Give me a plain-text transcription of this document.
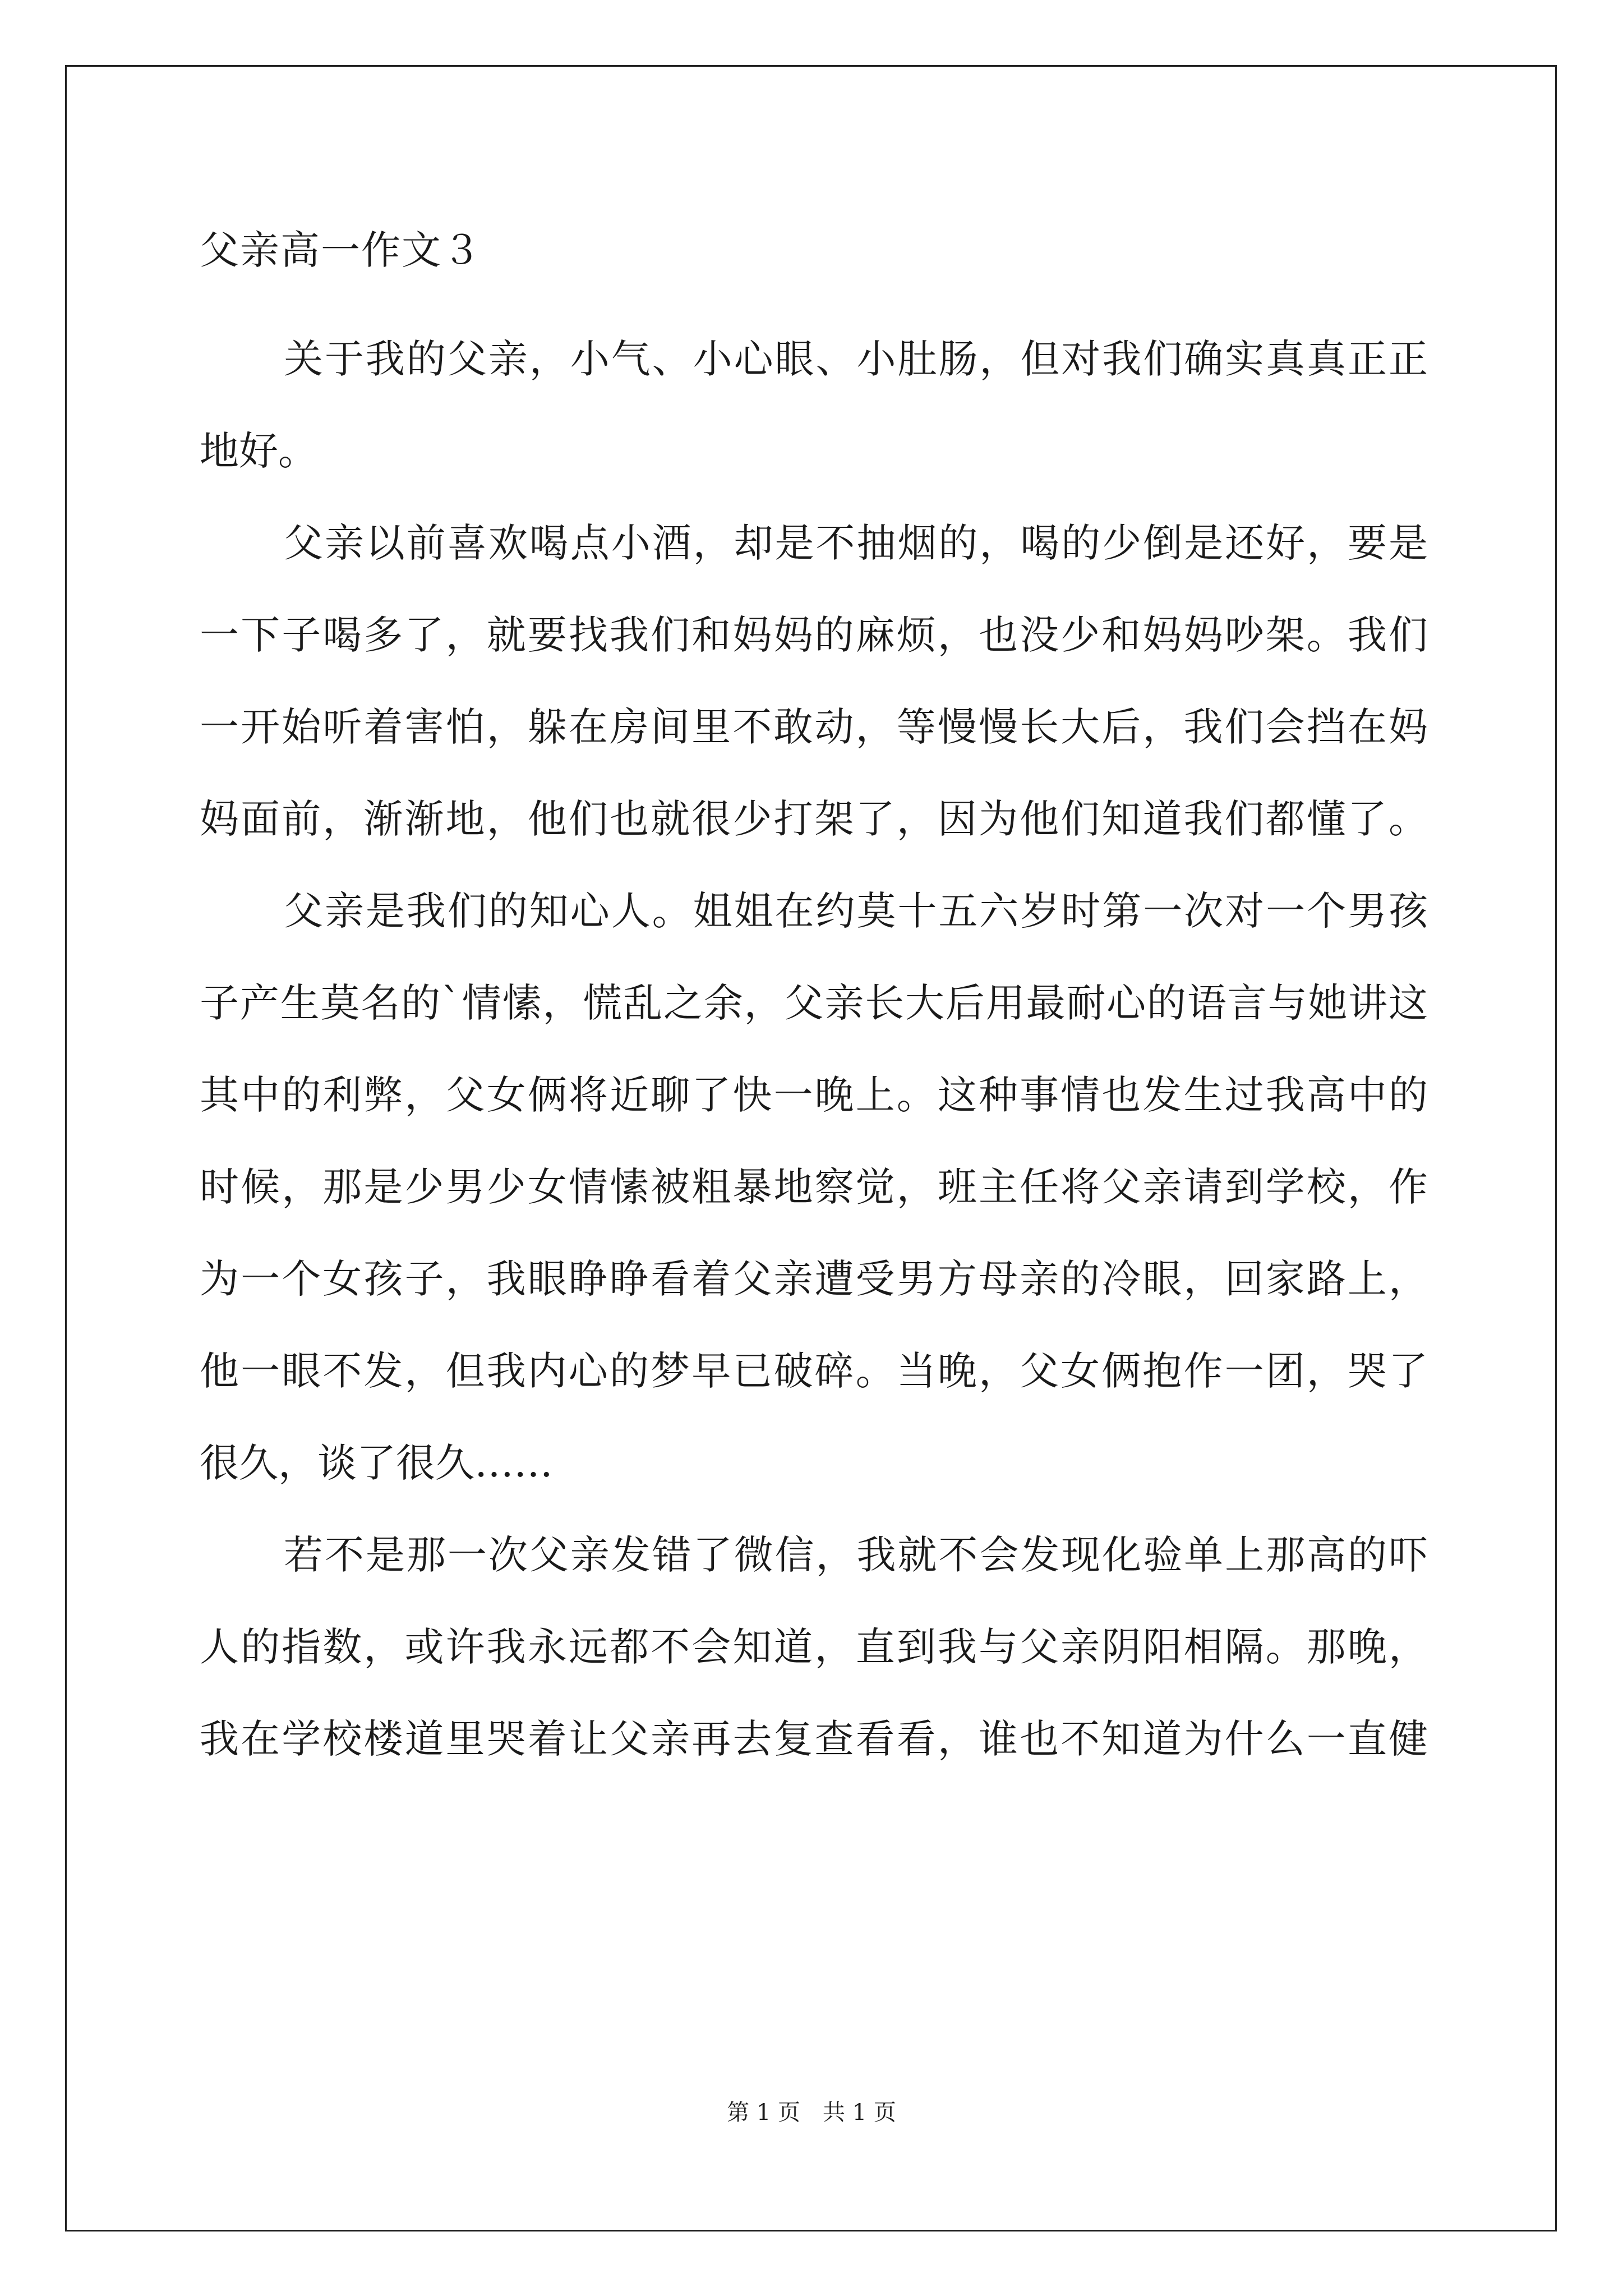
父亲高一作文３

关于我的父亲，小气、小心眼、小肚肠，但对我们确实真真正正

地好。

父亲以前喜欢喝点小酒，却是不抽烟的，喝的少倒是还好，要是

一下子喝多了，就要找我们和妈妈的麻烦，也没少和妈妈吵架。我们

一开始听着害怕，躲在房间里不敢动，等慢慢长大后，我们会挡在妈

妈面前，渐渐地，他们也就很少打架了，因为他们知道我们都懂了。

父亲是我们的知心人。姐姐在约莫十五六岁时第一次对一个男孩

子产生莫名的`情愫，慌乱之余，父亲长大后用最耐心的语言与她讲这

其中的利弊，父女俩将近聊了快一晚上。这种事情也发生过我高中的

时候，那是少男少女情愫被粗暴地察觉，班主任将父亲请到学校，作

为一个女孩子，我眼睁睁看着父亲遭受男方母亲的冷眼，回家路上，

他一眼不发，但我内心的梦早已破碎。当晚，父女俩抱作一团，哭了

很久，谈了很久……

若不是那一次父亲发错了微信，我就不会发现化验单上那高的吓

人的指数，或许我永远都不会知道，直到我与父亲阴阳相隔。那晚，

我在学校楼道里哭着让父亲再去复查看看，谁也不知道为什么一直健

第 1 页　共 1 页
